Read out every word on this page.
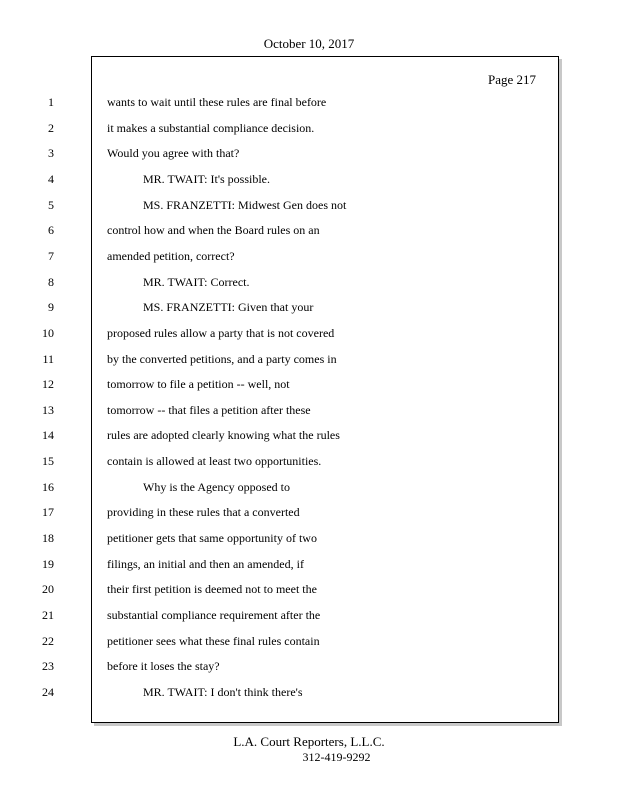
October 10, 2017
Page 217
1	wants to wait until these rules are final before
2	it makes a substantial compliance decision.
3	Would you agree with that?
4	MR. TWAIT: It's possible.
5	MS. FRANZETTI: Midwest Gen does not
6	control how and when the Board rules on an
7	amended petition, correct?
8	MR. TWAIT: Correct.
9	MS. FRANZETTI: Given that your
10	proposed rules allow a party that is not covered
11	by the converted petitions, and a party comes in
12	tomorrow to file a petition -- well, not
13	tomorrow -- that files a petition after these
14	rules are adopted clearly knowing what the rules
15	contain is allowed at least two opportunities.
16	Why is the Agency opposed to
17	providing in these rules that a converted
18	petitioner gets that same opportunity of two
19	filings, an initial and then an amended, if
20	their first petition is deemed not to meet the
21	substantial compliance requirement after the
22	petitioner sees what these final rules contain
23	before it loses the stay?
24	MR. TWAIT: I don't think there's
L.A. Court Reporters, L.L.C.
312-419-9292
